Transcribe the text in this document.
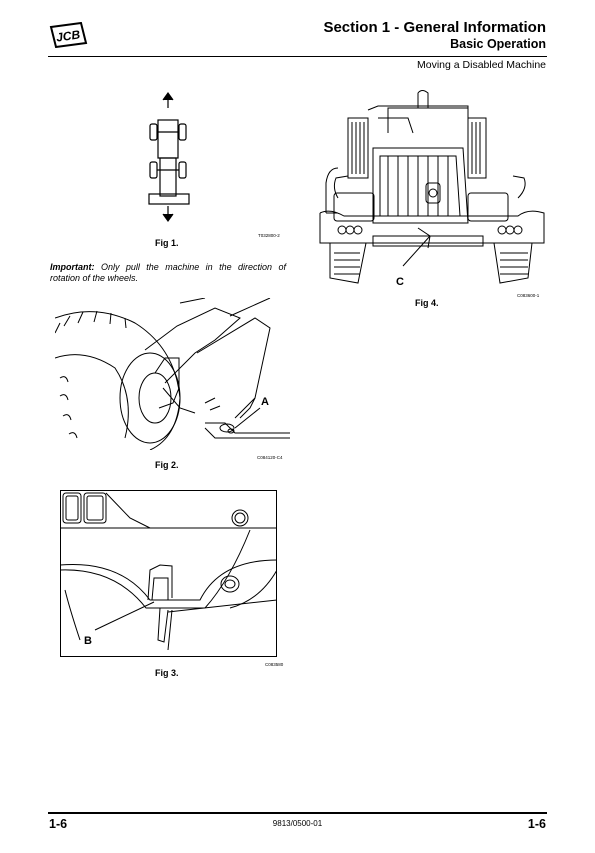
JCB	Section 1 - General Information
Basic Operation
Moving a Disabled Machine
T032800-2
Fig 1.
Important: Only pull the machine in the direction of rotation of the wheels.
A
C084120-C4
Fig 2.
B
C083580
Fig 3.
C
C083600-1
Fig 4.
1-6	9813/0500-01	1-6
